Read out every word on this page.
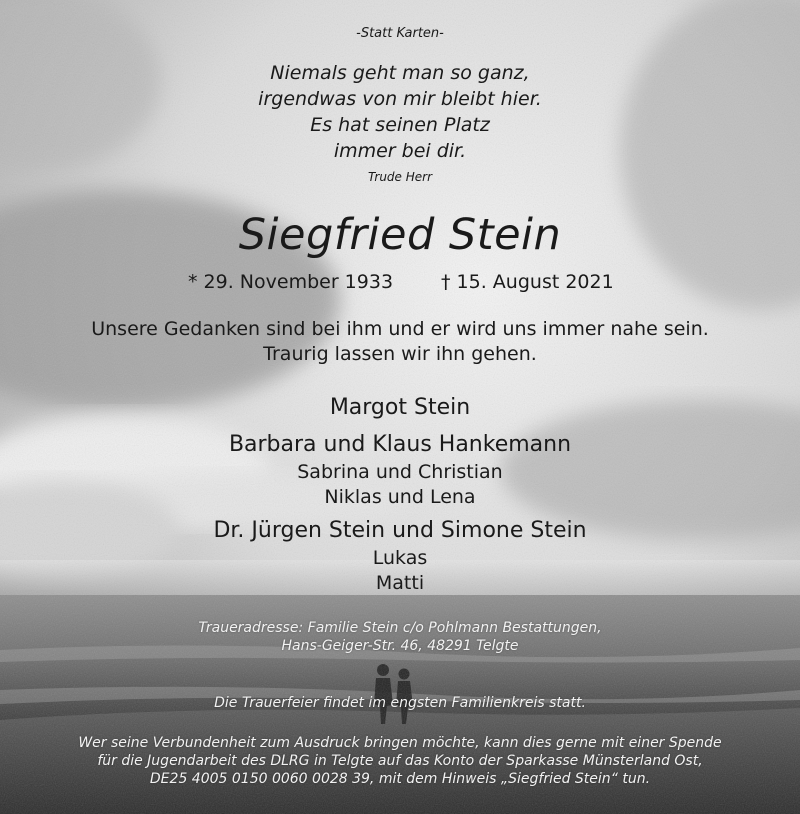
-Statt Karten-
Niemals geht man so ganz,
irgendwas von mir bleibt hier.
Es hat seinen Platz
immer bei dir.
Trude Herr
Siegfried Stein
* 29. November 1933	† 15. August 2021
Unsere Gedanken sind bei ihm und er wird uns immer nahe sein.
Traurig lassen wir ihn gehen.
Margot Stein
Barbara und Klaus Hankemann
Sabrina und Christian
Niklas und Lena
Dr. Jürgen Stein und Simone Stein
Lukas
Matti
Traueradresse: Familie Stein c/o Pohlmann Bestattungen,
Hans-Geiger-Str. 46, 48291 Telgte
Die Trauerfeier findet im engsten Familienkreis statt.
Wer seine Verbundenheit zum Ausdruck bringen möchte, kann dies gerne mit einer Spende
für die Jugendarbeit des DLRG in Telgte auf das Konto der Sparkasse Münsterland Ost,
DE25 4005 0150 0060 0028 39, mit dem Hinweis „Siegfried Stein“ tun.
